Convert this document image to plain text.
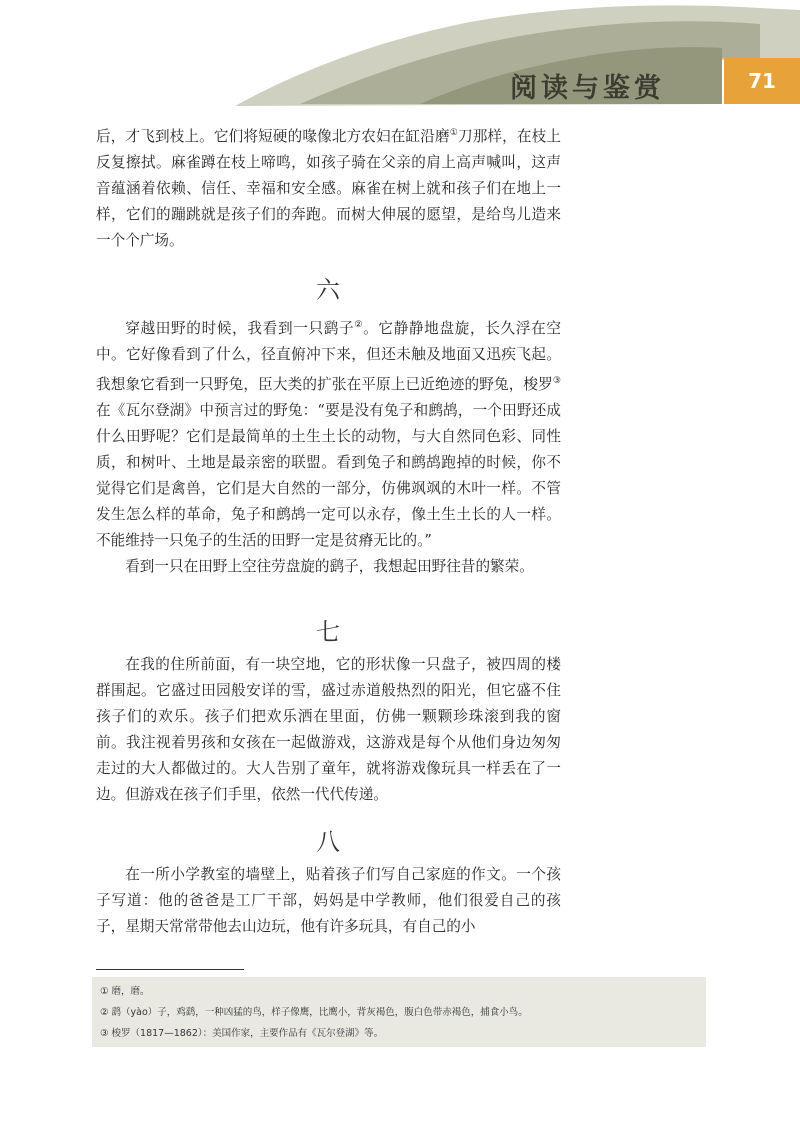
阅读与鉴赏	71

后，才飞到枝上。它们将短硬的喙像北方农妇在缸沿磨①刀那样，在枝上反复擦拭。麻雀蹲在枝上啼鸣，如孩子骑在父亲的肩上高声喊叫，这声音蕴涵着依赖、信任、幸福和安全感。麻雀在树上就和孩子们在地上一样，它们的蹦跳就是孩子们的奔跑。而树大伸展的愿望，是给鸟儿造来一个个广场。

六

穿越田野的时候，我看到一只鹞子②。它静静地盘旋，长久浮在空中。它好像看到了什么，径直俯冲下来，但还未触及地面又迅疾飞起。我想象它看到一只野兔，臣大类的扩张在平原上已近绝迹的野兔，梭罗③在《瓦尔登湖》中预言过的野兔：“要是没有兔子和鹧鸪，一个田野还成什么田野呢？它们是最简单的土生土长的动物，与大自然同色彩、同性质，和树叶、土地是最亲密的联盟。看到兔子和鹧鸪跑掉的时候，你不觉得它们是禽兽，它们是大自然的一部分，仿佛飒飒的木叶一样。不管发生怎么样的革命，兔子和鹧鸪一定可以永存，像土生土长的人一样。不能维持一只兔子的生活的田野一定是贫瘠无比的。”

看到一只在田野上空往劳盘旋的鹞子，我想起田野往昔的繁荣。

七

在我的住所前面，有一块空地，它的形状像一只盘子，被四周的楼群围起。它盛过田园般安详的雪，盛过赤道般热烈的阳光，但它盛不住孩子们的欢乐。孩子们把欢乐洒在里面，仿佛一颗颗珍珠滚到我的窗前。我注视着男孩和女孩在一起做游戏，这游戏是每个从他们身边匆匆走过的大人都做过的。大人告别了童年，就将游戏像玩具一样丢在了一边。但游戏在孩子们手里，依然一代代传递。

八

在一所小学教室的墙壁上，贴着孩子们写自己家庭的作文。一个孩子写道：他的爸爸是工厂干部，妈妈是中学教师，他们很爱自己的孩子，星期天常常带他去山边玩，他有许多玩具，有自己的小

① 磨，磨。
② 鹞（yào）子，鸡鹞，一种凶猛的鸟，样子像鹰，比鹰小，背灰褐色，腹白色带赤褐色，捕食小鸟。
③ 梭罗（1817—1862）：美国作家，主要作品有《瓦尔登湖》等。
